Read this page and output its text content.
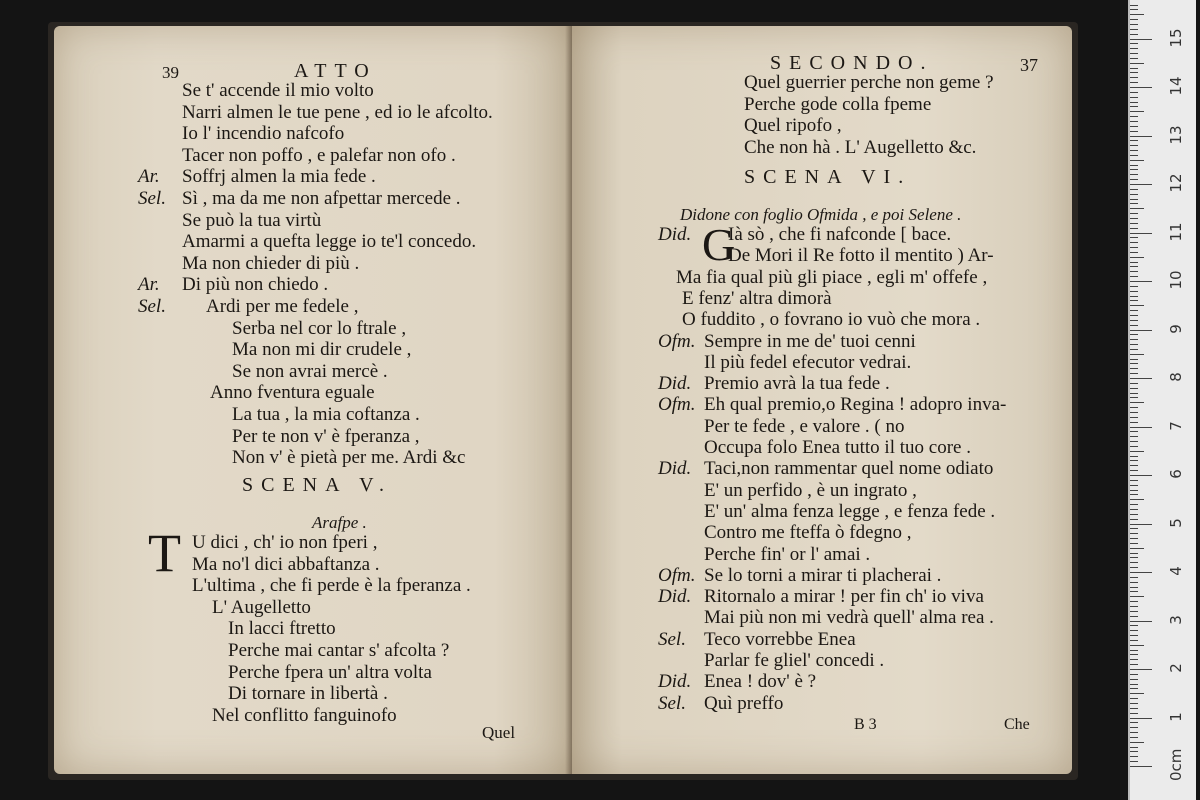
39	ATTO
Se t' accende il mio volto
Narri almen le tue pene , ed io le afcolto.
Io l' incendio nafcofo
Tacer non poffo , e palefar non ofo .
Ar. Soffrj almen la mia fede .
Sel. Sì , ma da me non afpettar mercede .
Se può la tua virtù
Amarmi a quefta legge io te'l concedo.
Ma non chieder di più .
Ar. Di più non chiedo .
Sel. Ardi per me fedele ,
Serba nel cor lo ftrale ,
Ma non mi dir crudele ,
Se non avrai mercè .
Anno fventura eguale
La tua , la mia coftanza .
Per te non v' è fperanza ,
Non v' è pietà per me. Ardi &c
SCENA V.
Arafpe .
T U dici , ch' io non fperi ,
Ma no'l dici abbaftanza .
L'ultima , che fi perde è la fperanza .
L' Augelletto
In lacci ftretto
Perche mai cantar s' afcolta ?
Perche fpera un' altra volta
Di tornare in libertà .
Nel conflitto fanguinofo
Quel
SECONDO.	37
Quel guerrier perche non geme ?
Perche gode colla fpeme
Quel ripofo ,
Che non hà . L' Augelletto &c.
SCENA VI.
Didone con foglio Ofmida , e poi Selene .
G
Did. Ià sò , che fi nafconde [ bace.
De Mori il Re fotto il mentito ) Ar-
Ma fia qual più gli piace , egli m' offefe ,
E fenz' altra dimorà
O fuddito , o fovrano io vuò che mora .
Ofm. Sempre in me de' tuoi cenni
Il più fedel efecutor vedrai.
Did. Premio avrà la tua fede .
Ofm. Eh qual premio,o Regina ! adopro inva-
Per te fede , e valore . ( no
Occupa folo Enea tutto il tuo core .
Did. Taci,non rammentar quel nome odiato
E' un perfido , è un ingrato ,
E' un' alma fenza legge , e fenza fede .
Contro me fteffa ò fdegno ,
Perche fin' or l' amai .
Ofm. Se lo torni a mirar ti placherai .
Did. Ritornalo a mirar ! per fin ch' io viva
Mai più non mi vedrà quell' alma rea .
Sel. Teco vorrebbe Enea
Parlar fe gliel' concedi .
Did. Enea ! dov' è ?
Sel. Quì preffo
B 3	Che
0cm
1
2
3
4
5
6
7
8
9
10
11
12
13
14
15
